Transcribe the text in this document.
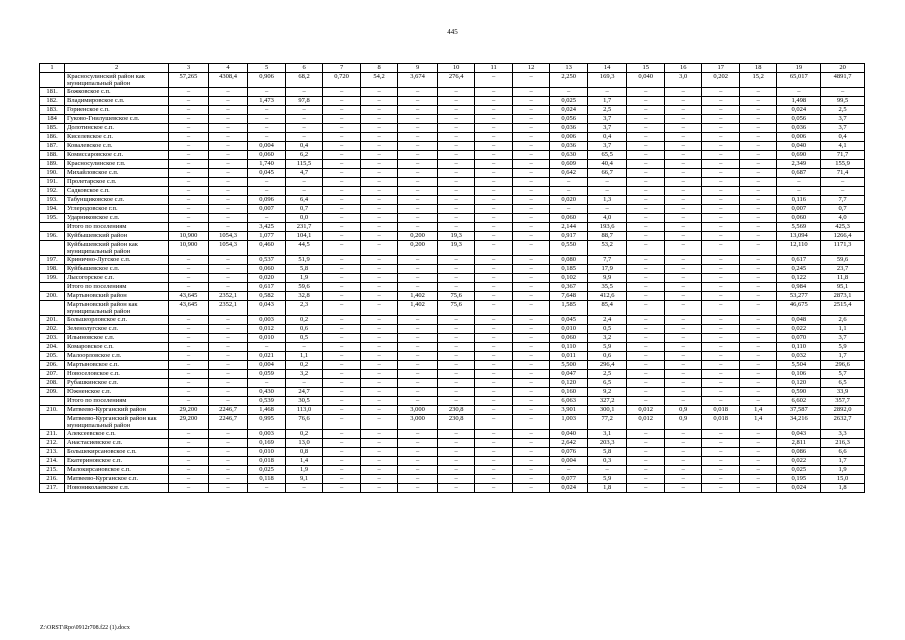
445
1	2	3	4	5	6	7	8	9	10	11	12	13	14	15	16	17	18	19	20
	Красносулинский район как муниципальный район	57,265	4308,4	0,906	68,2	0,720	54,2	3,674	276,4	–	–	2,250	169,3	0,040	3,0	0,202	15,2	65,017	4891,7
181.	Божковское с.п.	–	–	–	–	–	–	–	–	–	–	–	–	–	–	–	–	–	–
182.	Владимировское с.п.	–	–	1,473	97,8	–	–	–	–	–	–	0,025	1,7	–	–	–	–	1,498	99,5
183.	Гориенское с.п.	–	–	–	–	–	–	–	–	–	–	0,024	2,5	–	–	–	–	0,024	2,5
184	Гуково-Гнилушевское с.п.	–	–	–	–	–	–	–	–	–	–	0,056	3,7	–	–	–	–	0,056	3,7
185.	Долотинское с.п.	–	–	–	–	–	–	–	–	–	–	0,036	3,7	–	–	–	–	0,036	3,7
186.	Киселевское с.п.	–	–	–	–	–	–	–	–	–	–	0,006	0,4	–	–	–	–	0,006	0,4
187.	Ковалевское с.п.	–	–	0,004	0,4	–	–	–	–	–	–	0,036	3,7	–	–	–	–	0,040	4,1
188.	Комиссаровское с.п.	–	–	0,060	6,2	–	–	–	–	–	–	0,630	65,5	–	–	–	–	0,690	71,7
189.	Красносулинское г.п.	–	–	1,740	115,5	–	–	–	–	–	–	0,609	40,4	–	–	–	–	2,349	155,9
190.	Михайловское с.п.	–	–	0,045	4,7	–	–	–	–	–	–	0,642	66,7	–	–	–	–	0,687	71,4
191.	Пролетарское с.п.	–	–	–	–	–	–	–	–	–	–	–	–	–	–	–	–	–	–
192.	Садковское с.п.	–	–	–	–	–	–	–	–	–	–	–	–	–	–	–	–	–	–
193.	Табунщиковское с.п.	–	–	0,096	6,4	–	–	–	–	–	–	0,020	1,3	–	–	–	–	0,116	7,7
194.	Углеродовское г.п.	–	–	0,007	0,7	–	–	–	–	–	–	–	–	–	–	–	–	0,007	0,7
195.	Ударниковское с.п.	–	–	–	0,0	–	–	–	–	–	–	0,060	4,0	–	–	–	–	0,060	4,0
	Итого по поселениям	–	–	3,425	231,7	–	–	–	–	–	–	2,144	193,6	–	–	–	–	5,569	425,3
196.	Куйбышевский район	10,900	1054,3	1,077	104,1	–	–	0,200	19,3	–	–	0,917	88,7	–	–	–	–	13,094	1266,4
	Куйбышевский район как муниципальный район	10,900	1054,3	0,460	44,5	–	–	0,200	19,3	–	–	0,550	53,2	–	–	–	–	12,110	1171,3
197.	Кринично-Лугское с.п.	–	–	0,537	51,9	–	–	–	–	–	–	0,080	7,7	–	–	–	–	0,617	59,6
198.	Куйбышевское с.п.	–	–	0,060	5,8	–	–	–	–	–	–	0,185	17,9	–	–	–	–	0,245	23,7
199.	Лысогорское с.п.	–	–	0,020	1,9	–	–	–	–	–	–	0,102	9,9	–	–	–	–	0,122	11,8
	Итого по поселениям	–	–	0,617	59,6	–	–	–	–	–	–	0,367	35,5	–	–	–	–	0,984	95,1
200.	Мартыновский район	43,645	2352,1	0,582	32,8	–	–	1,402	75,6	–	–	7,648	412,6	–	–	–	–	53,277	2873,1
	Мартыновский район как муниципальный район	43,645	2352,1	0,043	2,3	–	–	1,402	75,6	–	–	1,585	85,4	–	–	–	–	46,675	2515,4
201.	Большеорловское с.п.	–	–	0,003	0,2	–	–	–	–	–	–	0,045	2,4	–	–	–	–	0,048	2,6
202.	Зеленолугское с.п.	–	–	0,012	0,6	–	–	–	–	–	–	0,010	0,5	–	–	–	–	0,022	1,1
203.	Ильиновское с.п.	–	–	0,010	0,5	–	–	–	–	–	–	0,060	3,2	–	–	–	–	0,070	3,7
204.	Комаровское с.п.	–	–	–	–	–	–	–	–	–	–	0,110	5,9	–	–	–	–	0,110	5,9
205.	Малоорловское с.п.	–	–	0,021	1,1	–	–	–	–	–	–	0,011	0,6	–	–	–	–	0,032	1,7
206.	Мартыновское с.п.	–	–	0,004	0,2	–	–	–	–	–	–	5,500	296,4	–	–	–	–	5,504	296,6
207.	Новоселовское с.п.	–	–	0,059	3,2	–	–	–	–	–	–	0,047	2,5	–	–	–	–	0,106	5,7
208.	Рубашкинское с.п.	–	–	–	–	–	–	–	–	–	–	0,120	6,5	–	–	–	–	0,120	6,5
209.	Южненское с.п.	–	–	0,430	24,7	–	–	–	–	–	–	0,160	9,2	–	–	–	–	0,590	33,9
	Итого по поселениям	–	–	0,539	30,5	–	–	–	–	–	–	6,063	327,2	–	–	–	–	6,602	357,7
210.	Матвеево-Курганский район	29,200	2246,7	1,468	113,0	–	–	3,000	230,8	–	–	3,901	300,1	0,012	0,9	0,018	1,4	37,587	2892,0
	Матвеево-Курганский район как муниципальный район	29,200	2246,7	0,995	76,6	–	–	3,000	230,8	–	–	1,003	77,2	0,012	0,9	0,018	1,4	34,216	2632,7
211.	Алексеевское с.п.	–	–	0,003	0,2	–	–	–	–	–	–	0,040	3,1	–	–	–	–	0,043	3,3
212.	Анастасиевское с.п.	–	–	0,169	13,0	–	–	–	–	–	–	2,642	203,3	–	–	–	–	2,811	216,3
213.	Большекирсановское с.п.	–	–	0,010	0,8	–	–	–	–	–	–	0,076	5,8	–	–	–	–	0,086	6,6
214.	Екатериновское с.п.	–	–	0,018	1,4	–	–	–	–	–	–	0,004	0,3	–	–	–	–	0,022	1,7
215.	Малокирсановское с.п.	–	–	0,025	1,9	–	–	–	–	–	–	–	–	–	–	–	–	0,025	1,9
216.	Матвеево-Курганское с.п.	–	–	0,118	9,1	–	–	–	–	–	–	0,077	5,9	–	–	–	–	0,195	15,0
217.	Новониколаевское с.п.	–	–	–	–	–	–	–	–	–	–	0,024	1,8	–	–	–	–	0,024	1,8
Z:\ORST\Rpo\0912r708.f22 (1).docx
